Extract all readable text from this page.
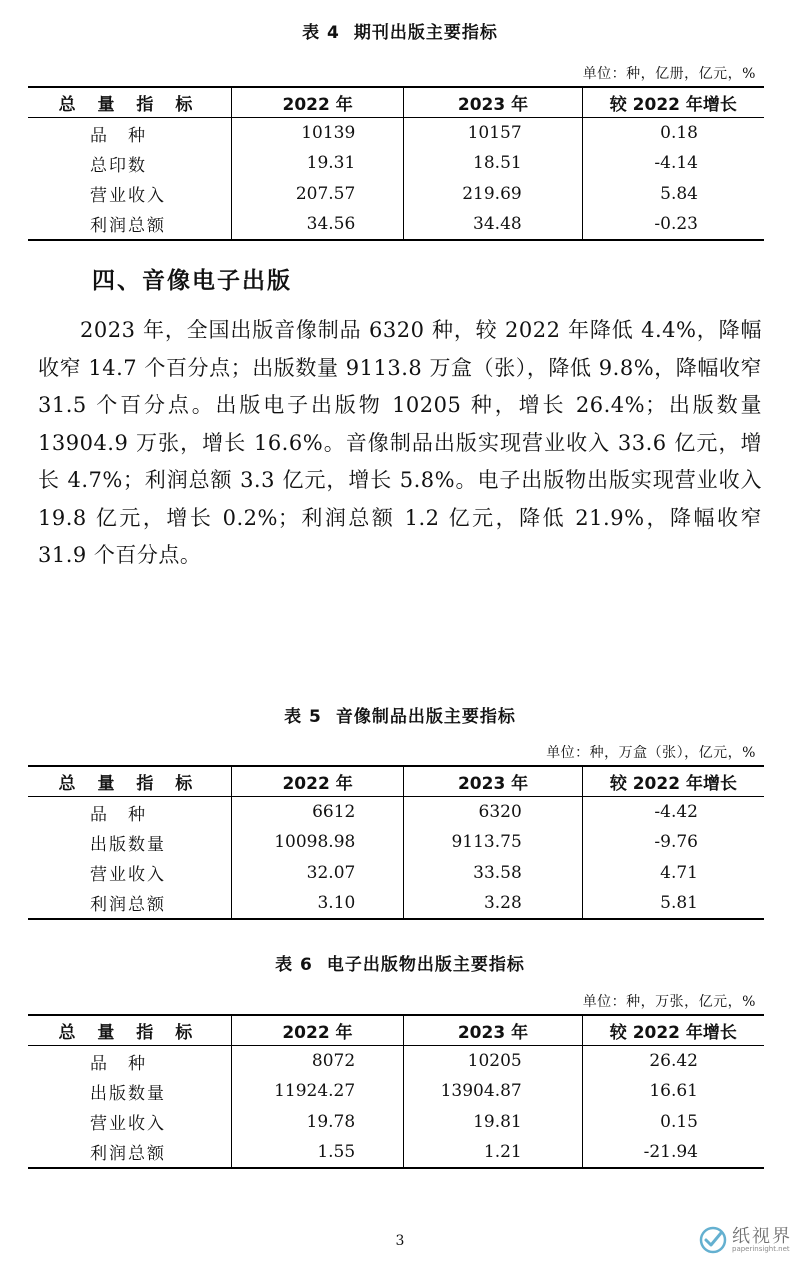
表 4 期刊出版主要指标
单位：种，亿册，亿元，%
总 量 指 标	2022 年	2023 年	较 2022 年增长
品　种	10139	10157	0.18
总印数	19.31	18.51	-4.14
营业收入	207.57	219.69	5.84
利润总额	34.56	34.48	-0.23
四、音像电子出版

2023 年，全国出版音像制品 6320 种，较 2022 年降低 4.4%，降幅收窄 14.7 个百分点；出版数量 9113.8 万盒（张），降低 9.8%，降幅收窄 31.5 个百分点。出版电子出版物 10205 种，增长 26.4%；出版数量 13904.9 万张，增长 16.6%。音像制品出版实现营业收入 33.6 亿元，增长 4.7%；利润总额 3.3 亿元，增长 5.8%。电子出版物出版实现营业收入 19.8 亿元，增长 0.2%；利润总额 1.2 亿元，降低 21.9%，降幅收窄 31.9 个百分点。

表 5 音像制品出版主要指标
单位：种，万盒（张），亿元，%
总 量 指 标	2022 年	2023 年	较 2022 年增长
品　种	6612	6320	-4.42
出版数量	10098.98	9113.75	-9.76
营业收入	32.07	33.58	4.71
利润总额	3.10	3.28	5.81
表 6 电子出版物出版主要指标
单位：种，万张，亿元，%
总 量 指 标	2022 年	2023 年	较 2022 年增长
品　种	8072	10205	26.42
出版数量	11924.27	13904.87	16.61
营业收入	19.78	19.81	0.15
利润总额	1.55	1.21	-21.94
3	纸视界
paperinsight.net
